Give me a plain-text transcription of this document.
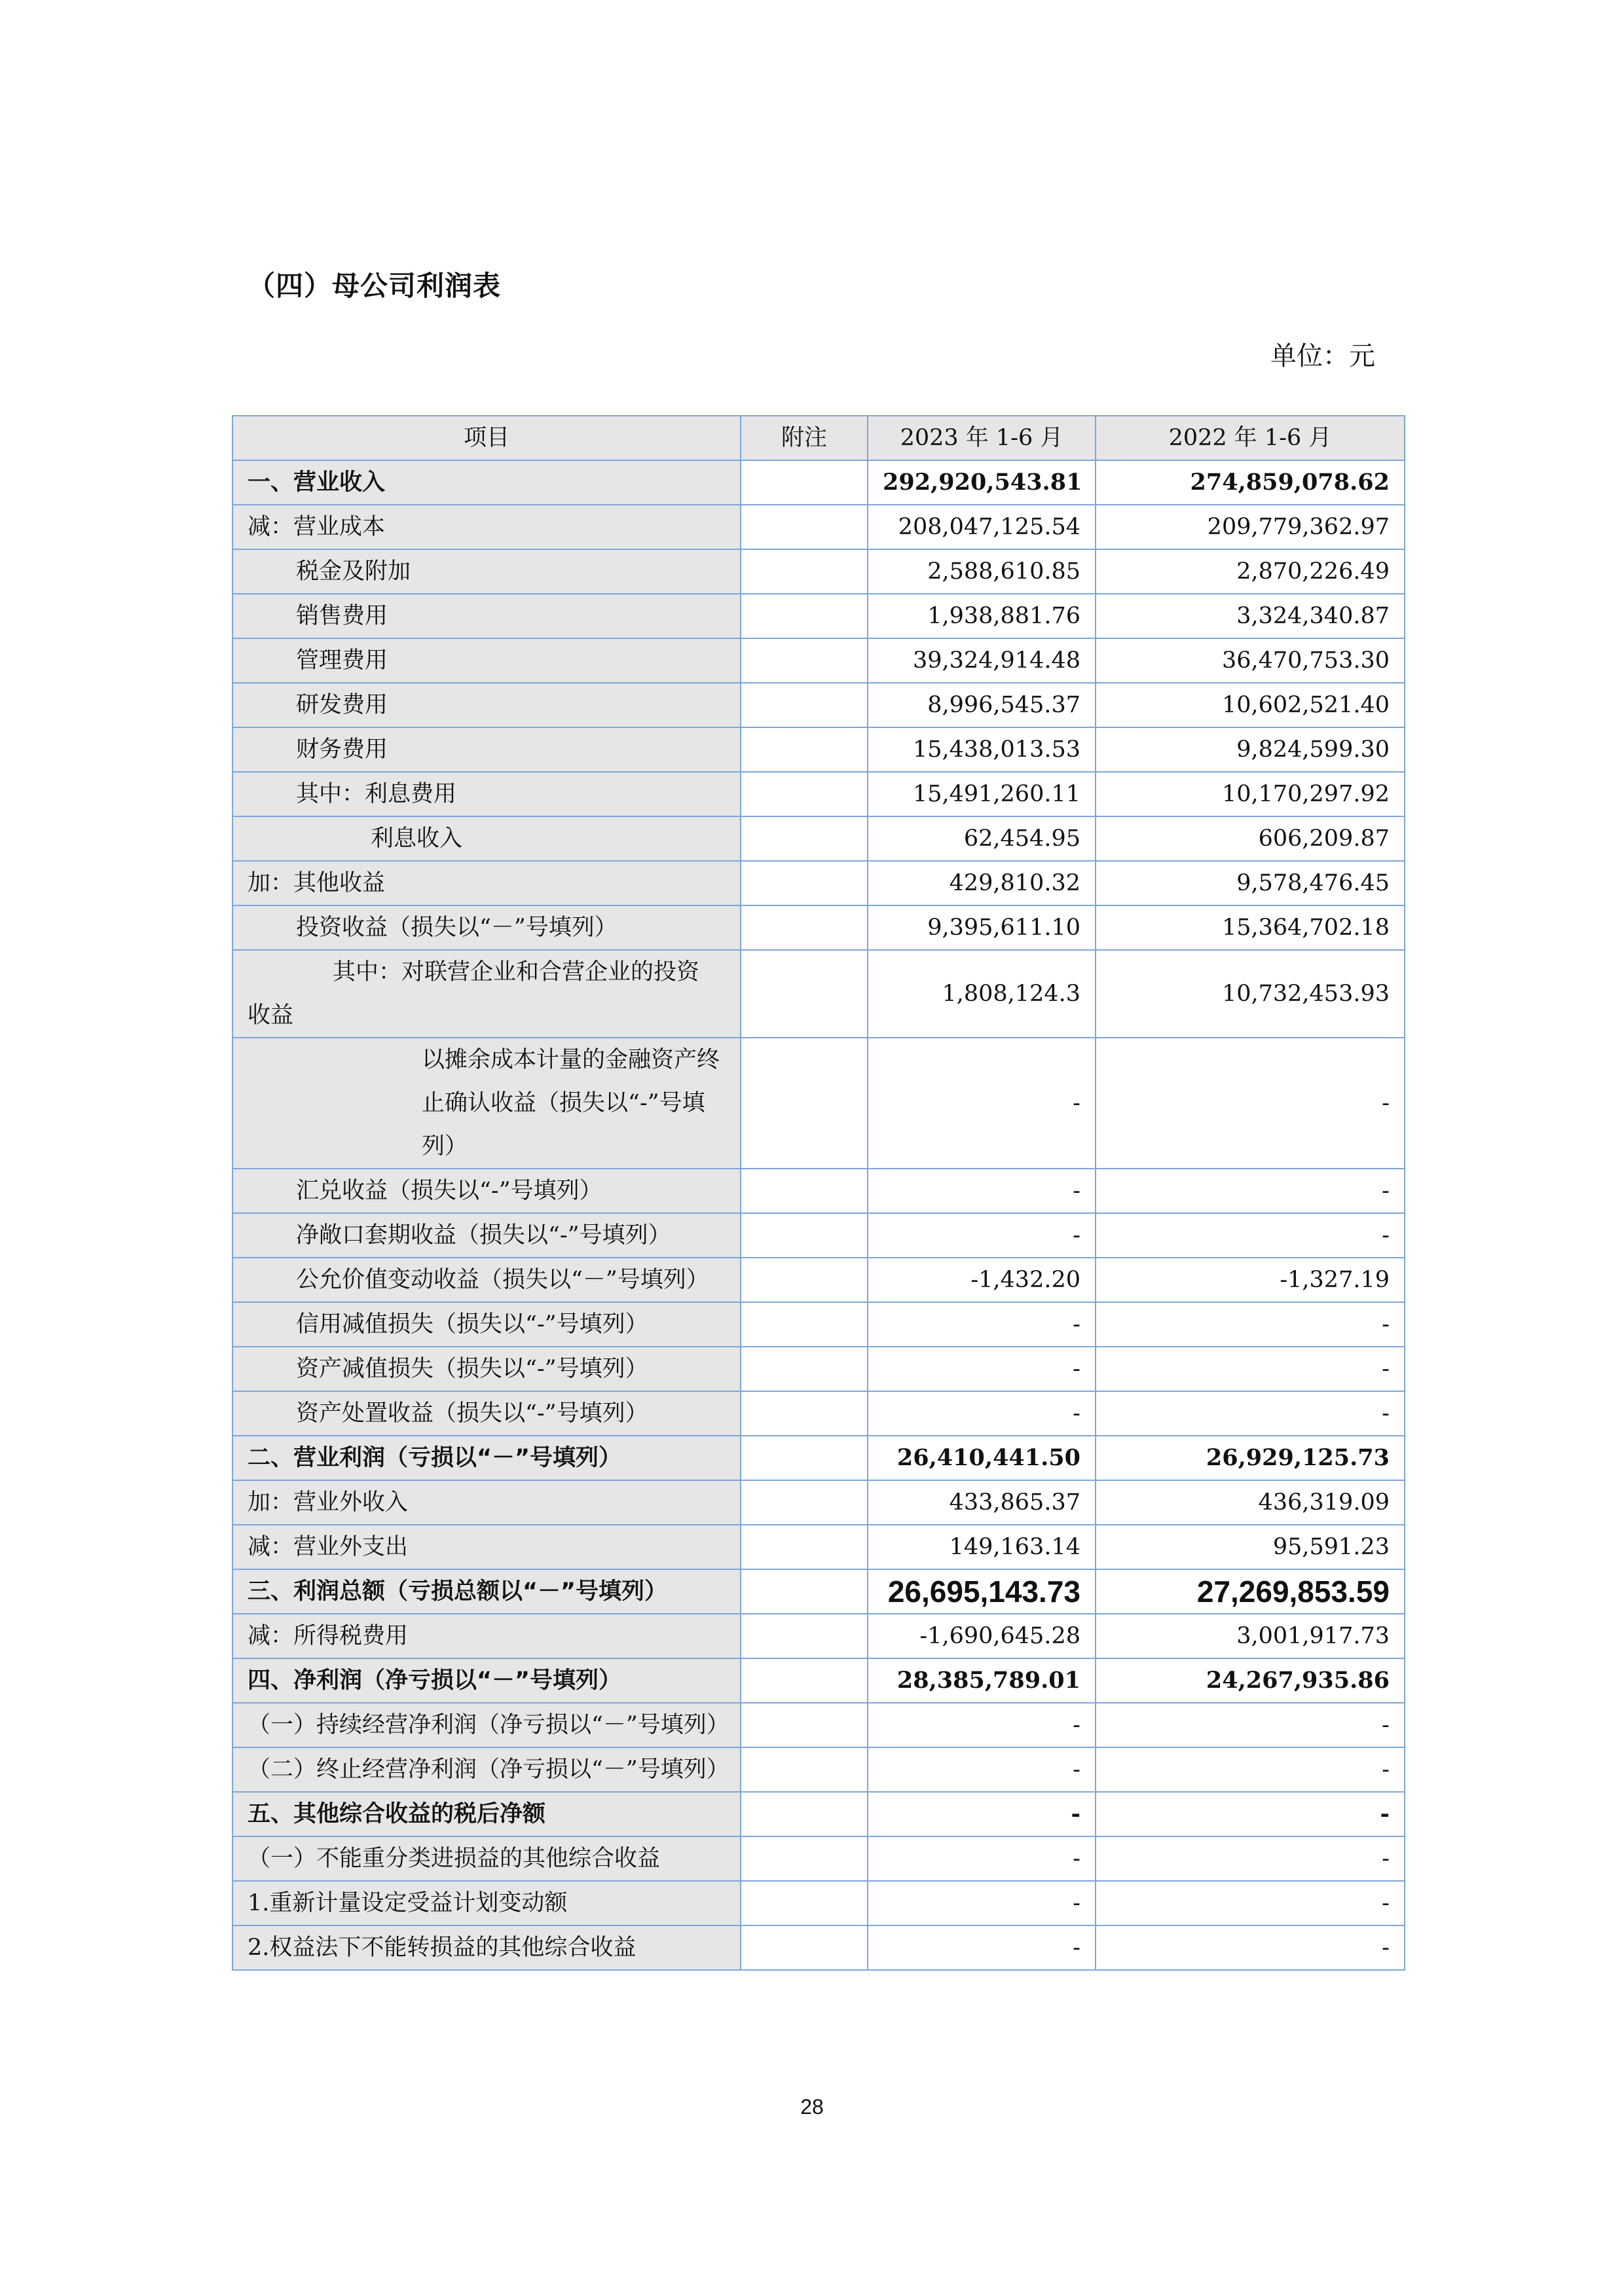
（四）母公司利润表
单位：元
项目	附注	2023 年 1-6 月	2022 年 1-6 月
一、营业收入		292,920,543.81	274,859,078.62
减：营业成本		208,047,125.54	209,779,362.97
税金及附加		2,588,610.85	2,870,226.49
销售费用		1,938,881.76	3,324,340.87
管理费用		39,324,914.48	36,470,753.30
研发费用		8,996,545.37	10,602,521.40
财务费用		15,438,013.53	9,824,599.30
其中：利息费用		15,491,260.11	10,170,297.92
利息收入		62,454.95	606,209.87
加：其他收益		429,810.32	9,578,476.45
投资收益（损失以“－”号填列）		9,395,611.10	15,364,702.18

其中：对联营企业和合营企业的投资
收益		1,808,124.3	10,732,453.93
以摊余成本计量的金融资产终止确认收益（损失以“-”号填列）		-	-
汇兑收益（损失以“-”号填列）		-	-
净敞口套期收益（损失以“-”号填列）		-	-

公允价值变动收益（损失以“－”号填列）		-1,432.20	-1,327.19
信用减值损失（损失以“-”号填列）		-	-
资产减值损失（损失以“-”号填列）		-	-
资产处置收益（损失以“-”号填列）		-	-
二、营业利润（亏损以“－”号填列）		26,410,441.50	26,929,125.73
加：营业外收入		433,865.37	436,319.09
减：营业外支出		149,163.14	95,591.23
三、利润总额（亏损总额以“－”号填列）		26,695,143.73	27,269,853.59
减：所得税费用		-1,690,645.28	3,001,917.73
四、净利润（净亏损以“－”号填列）		28,385,789.01	24,267,935.86
（一）持续经营净利润（净亏损以“－”号填列）		-	-
（二）终止经营净利润（净亏损以“－”号填列）		-	-
五、其他综合收益的税后净额		-	-
（一）不能重分类进损益的其他综合收益		-	-
1.重新计量设定受益计划变动额		-	-
2.权益法下不能转损益的其他综合收益		-	-
28
